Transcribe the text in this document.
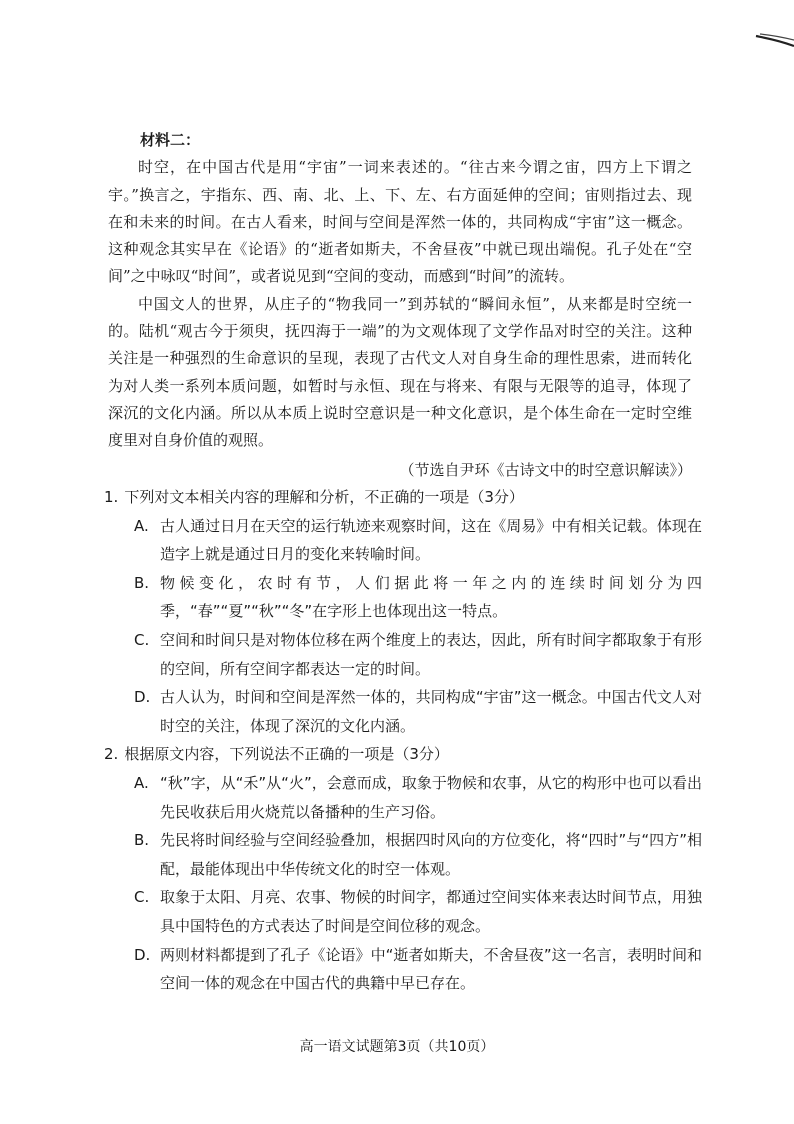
材料二：

时空，在中国古代是用“宇宙”一词来表述的。“往古来今谓之宙，四方上下谓之宇。”换言之，宇指东、西、南、北、上、下、左、右方面延伸的空间；宙则指过去、现在和未来的时间。在古人看来，时间与空间是浑然一体的，共同构成“宇宙”这一概念。这种观念其实早在《论语》的“逝者如斯夫，不舍昼夜”中就已现出端倪。孔子处在“空间”之中咏叹“时间”，或者说见到“空间的变动，而感到“时间”的流转。

中国文人的世界，从庄子的“物我同一”到苏轼的“瞬间永恒”，从来都是时空统一的。陆机“观古今于须臾，抚四海于一端”的为文观体现了文学作品对时空的关注。这种关注是一种强烈的生命意识的呈现，表现了古代文人对自身生命的理性思索，进而转化为对人类一系列本质问题，如暂时与永恒、现在与将来、有限与无限等的追寻，体现了深沉的文化内涵。所以从本质上说时空意识是一种文化意识，是个体生命在一定时空维度里对自身价值的观照。

（节选自尹环《古诗文中的时空意识解读》）

1. 下列对文本相关内容的理解和分析，不正确的一项是（3分）

A. 古人通过日月在天空的运行轨迹来观察时间，这在《周易》中有相关记载。体现在造字上就是通过日月的变化来转喻时间。
B. 物候变化，农时有节，人们据此将一年之内的连续时间划分为四季，“春”“夏”“秋”“冬”在字形上也体现出这一特点。
C. 空间和时间只是对物体位移在两个维度上的表达，因此，所有时间字都取象于有形的空间，所有空间字都表达一定的时间。
D. 古人认为，时间和空间是浑然一体的，共同构成“宇宙”这一概念。中国古代文人对时空的关注，体现了深沉的文化内涵。

2. 根据原文内容，下列说法不正确的一项是（3分）

A. “秋”字，从“禾”从“火”，会意而成，取象于物候和农事，从它的构形中也可以看出先民收获后用火烧荒以备播种的生产习俗。
B. 先民将时间经验与空间经验叠加，根据四时风向的方位变化，将“四时”与“四方”相配，最能体现出中华传统文化的时空一体观。
C. 取象于太阳、月亮、农事、物候的时间字，都通过空间实体来表达时间节点，用独具中国特色的方式表达了时间是空间位移的观念。
D. 两则材料都提到了孔子《论语》中“逝者如斯夫，不舍昼夜”这一名言，表明时间和空间一体的观念在中国古代的典籍中早已存在。
高一语文试题第3页（共10页）
